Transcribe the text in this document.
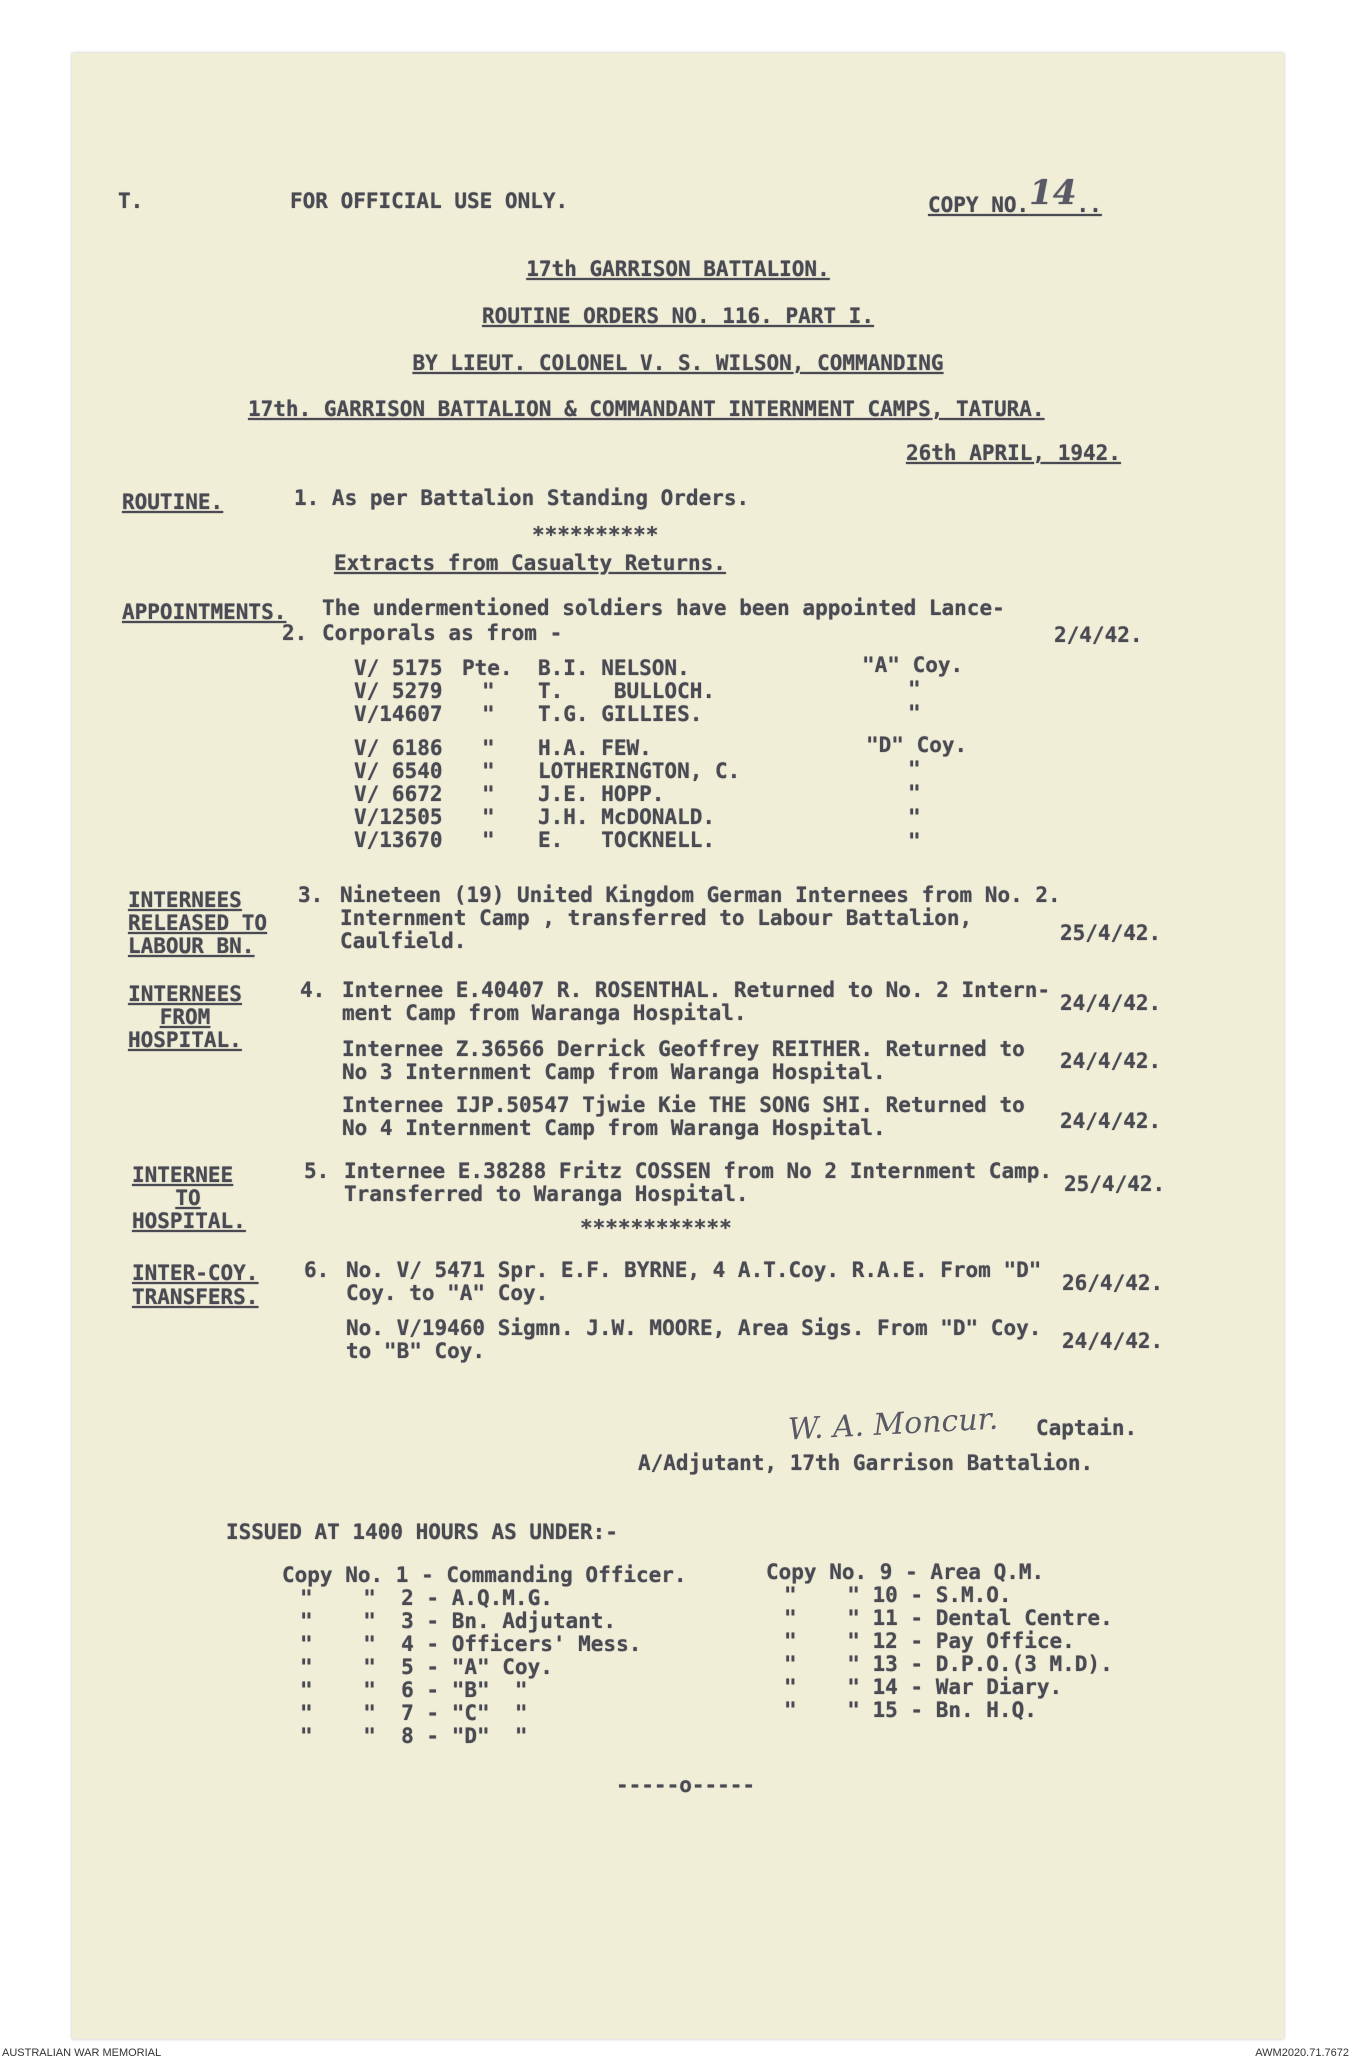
T.	FOR OFFICIAL USE ONLY.	COPY NO.14..
17th GARRISON BATTALION.
ROUTINE ORDERS NO. 116. PART I.
BY LIEUT. COLONEL V. S. WILSON, COMMANDING
17th. GARRISON BATTALION & COMMANDANT INTERNMENT CAMPS, TATURA.
26th APRIL, 1942.
ROUTINE.	1. As per Battalion Standing Orders.
**********
Extracts from Casualty Returns.
APPOINTMENTS. The undermentioned soldiers have been appointed Lance-
2. Corporals as from -	2/4/42.
V/ 5175 Pte. B.I. NELSON.	"A" Coy.
V/ 5279 " T.    BULLOCH.	"
V/14607 " T.G. GILLIES.	"
V/ 6186 " H.A. FEW.	"D" Coy.
V/ 6540 " LOTHERINGTON, C.	"
V/ 6672 " J.E. HOPP.	"
V/12505 " J.H. McDONALD.	"
V/13670 " E.   TOCKNELL.	"
INTERNEES
RELEASED TO
LABOUR BN.
3. Nineteen (19) United Kingdom German Internees from No. 2.
Internment Camp , transferred to Labour Battalion,
Caulfield.	25/4/42.
INTERNEES
FROM
HOSPITAL.
4. Internee E.40407 R. ROSENTHAL. Returned to No. 2 Intern-
ment Camp from Waranga Hospital.	24/4/42.
Internee Z.36566 Derrick Geoffrey REITHER. Returned to
No 3 Internment Camp from Waranga Hospital.	24/4/42.
Internee IJP.50547 Tjwie Kie THE SONG SHI. Returned to
No 4 Internment Camp from Waranga Hospital.	24/4/42.
INTERNEE
TO
HOSPITAL.
5. Internee E.38288 Fritz COSSEN from No 2 Internment Camp.
Transferred to Waranga Hospital.	25/4/42.
************
INTER-COY.
TRANSFERS.
6. No. V/ 5471 Spr. E.F. BYRNE, 4 A.T.Coy. R.A.E. From "D"
Coy. to "A" Coy.	26/4/42.
No. V/19460 Sigmn. J.W. MOORE, Area Sigs. From "D" Coy.
to "B" Coy.	24/4/42.
W. A. Moncur. Captain.
A/Adjutant, 17th Garrison Battalion.
ISSUED AT 1400 HOURS AS UNDER:-
Copy No. 1 - Commanding Officer.
"    "  2 - A.Q.M.G.
"    "  3 - Bn. Adjutant.
"    "  4 - Officers' Mess.
"    "  5 - "A" Coy.
"    "  6 - "B"  "
"    "  7 - "C"  "
"    "  8 - "D"  "
Copy No. 9 - Area Q.M.
"    " 10 - S.M.O.
"    " 11 - Dental Centre.
"    " 12 - Pay Office.
"    " 13 - D.P.O.(3 M.D).
"    " 14 - War Diary.
"    " 15 - Bn. H.Q.
-----o-----
AUSTRALIAN WAR MEMORIAL	AWM2020.71.7672
